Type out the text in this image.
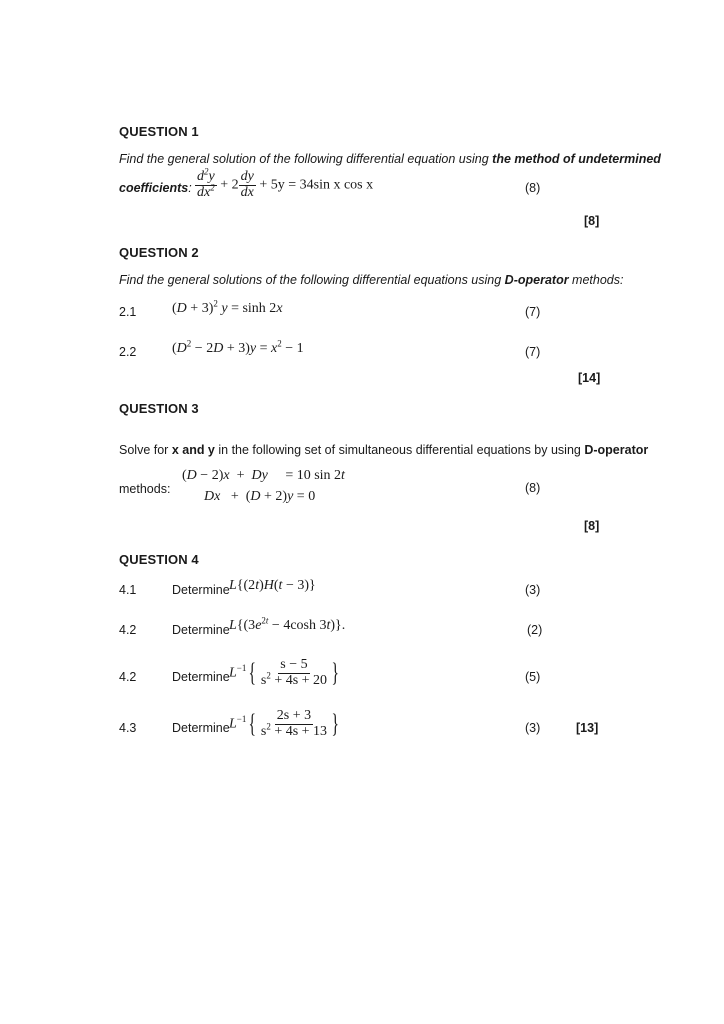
QUESTION 1
Find the general solution of the following differential equation using the method of undetermined
coefficients: $\frac{d^2y}{dx^2} + 2 \frac{dy}{dx} + 5y = 34\sin$ x cos x	(8)
[8]
QUESTION 2
Find the general solutions of the following differential equations using D-operator methods:
2.1	$(D + 3)^2$ y = sinh 2x	(7)
2.2	$(D^2 - 2D + 3)y = x^2 - 1$	(7)
[14]
QUESTION 3
Solve for x and y in the following set of simultaneous differential equations by using D-operator
methods:
(D − 2)x  +  Dy     = 10 sin 2t
Dx   +  (D + 2)y = 0
(8)
[8]
QUESTION 4
4.1	Determine L{(2t)H(t − 3)}	(3)
4.2	Determine $L\{(3e^{2t} - 4\cosh$ 3t)}.	(2)
4.2	Determine $L^{-1}\{ \frac{s - 5}{s^2 + 4s + 20}$ }	(5)
4.3	Determine $L^{-1}\{ \frac{2s + 3}{s^2 + 4s + 13}$ }	(3)	[13]
